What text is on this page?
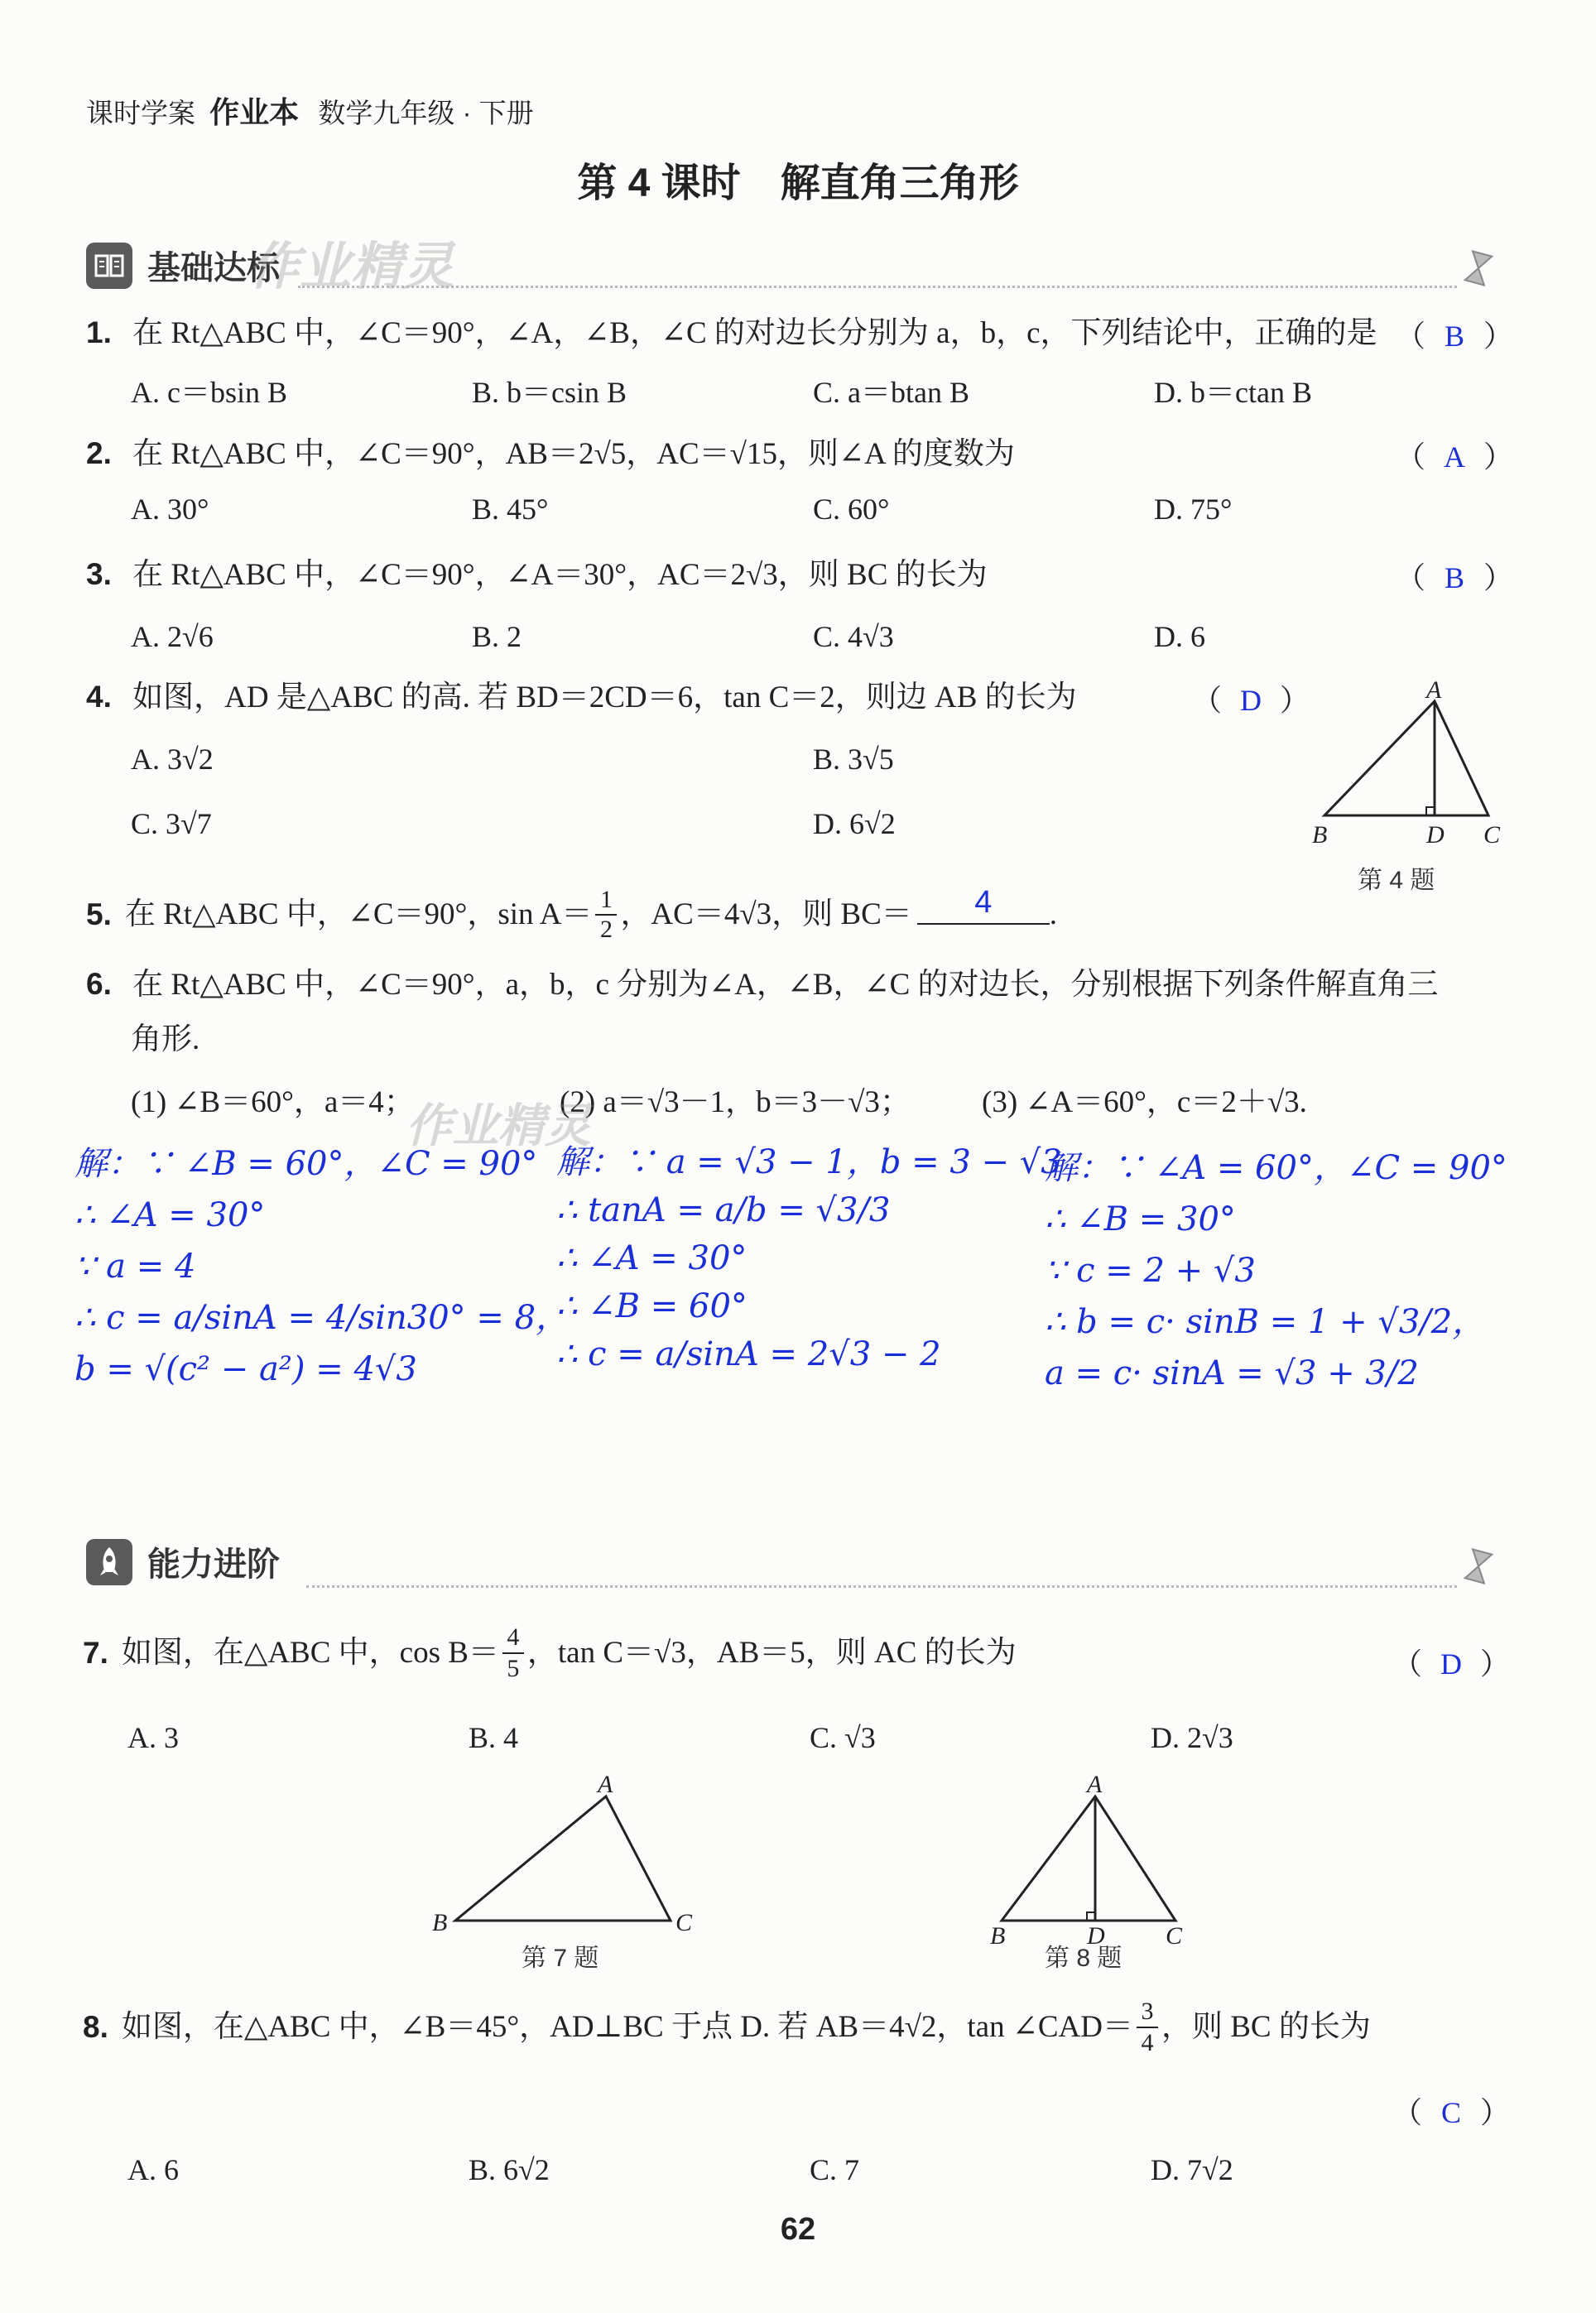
课时学案 作业本 数学九年级 · 下册
第 4 课时　解直角三角形
基础达标
作业精灵
1. 在 Rt△ABC 中，∠C＝90°，∠A，∠B，∠C 的对边长分别为 a，b，c，下列结论中，正确的是 （ B ）
A. c＝bsin B	B. b＝csin B	C. a＝btan B	D. b＝ctan B
2. 在 Rt△ABC 中，∠C＝90°，AB＝2√5，AC＝√15，则∠A 的度数为	（ A ）
A. 30°	B. 45°	C. 60°	D. 75°
3. 在 Rt△ABC 中，∠C＝90°，∠A＝30°，AC＝2√3，则 BC 的长为	（ B ）
A. 2√6	B. 2	C. 4√3	D. 6
4. 如图，AD 是△ABC 的高. 若 BD＝2CD＝6，tan C＝2，则边 AB 的长为	（ D ）
A. 3√2	B. 3√5
C. 3√7	D. 6√2
A
B	D C
第 4 题
5. 在 Rt△ABC 中，∠C＝90°，$\sin A= \frac{1}{2}$ ，AC＝4√3，则 BC＝	4	.
6. 在 Rt△ABC 中，∠C＝90°，a，b，c 分别为∠A，∠B，∠C 的对边长，分别根据下列条件解直角三
角形.
(1) ∠B＝60°，a＝4；	(2) a＝√3－1，b＝3－√3； (3) ∠A＝60°，c＝2＋√3.
作业精灵
解：∵ ∠B = 60°，∠C = 90°
∴ ∠A = 30°
∵ a = 4
∴ c = a/sinA = 4/sin30° = 8，
b = √(c² − a²) = 4√3
解：∵ a = √3 − 1，b = 3 − √3
∴ tanA = a/b = √3/3
∴ ∠A = 30°
∴ ∠B = 60°
∴ c = a/sinA = 2√3 − 2
解：∵ ∠A = 60°，∠C = 90°
∴ ∠B = 30°
∵ c = 2 + √3
∴ b = c· sinB = 1 + √3/2，
a = c· sinA = √3 + 3/2
能力进阶
7. 如图，在△ABC 中，$\cos B= \frac{4}{5}$ ，tan C＝√3，AB＝5，则 AC 的长为	（ D ）
A. 3	B. 4	C. √3	D. 2√3
A
B	C
第 7 题
A
B	D C
第 8 题
8. 如图，在△ABC 中，∠B＝45°，AD⊥BC 于点 D. 若 AB＝4√2，tan ∠CAD＝ $\frac{3}{4}$ ，则 BC 的长为
（ C ）
A. 6	B. 6√2	C. 7	D. 7√2
62
